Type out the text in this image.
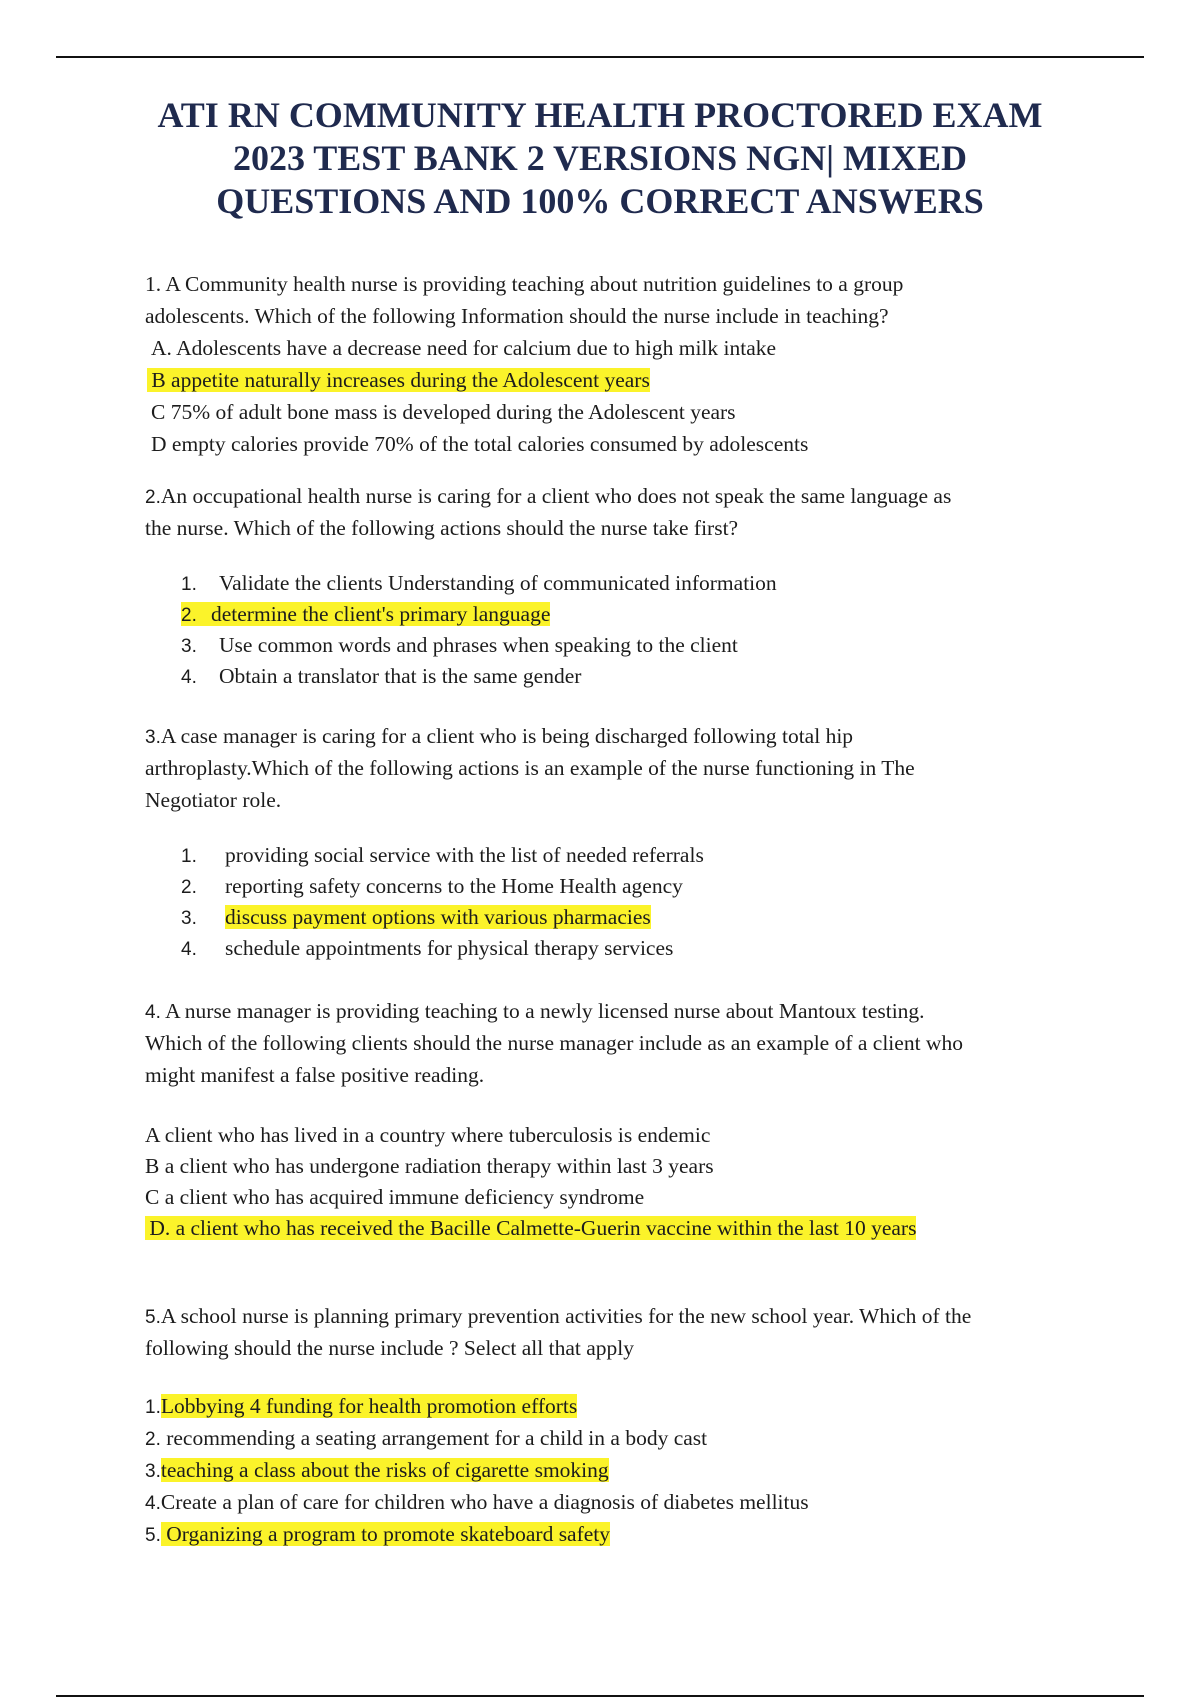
ATI RN COMMUNITY HEALTH PROCTORED EXAM 2023 TEST BANK 2 VERSIONS NGN| MIXED QUESTIONS AND 100% CORRECT ANSWERS
1. A Community health nurse is providing teaching about nutrition guidelines to a group
adolescents. Which of the following Information should the nurse include in teaching?
A. Adolescents have a decrease need for calcium due to high milk intake
 B appetite naturally increases during the Adolescent years
C 75% of adult bone mass is developed during the Adolescent years
D empty calories provide 70% of the total calories consumed by adolescents
2.An occupational health nurse is caring for a client who does not speak the same language as
the nurse. Which of the following actions should the nurse take first?
1. Validate the clients Understanding of communicated information
2. determine the client's primary language
3. Use common words and phrases when speaking to the client
4. Obtain a translator that is the same gender
3.A case manager is caring for a client who is being discharged following total hip
arthroplasty.Which of the following actions is an example of the nurse functioning in The
Negotiator role.
1. providing social service with the list of needed referrals
2. reporting safety concerns to the Home Health agency
3. discuss payment options with various pharmacies
4. schedule appointments for physical therapy services
4. A nurse manager is providing teaching to a newly licensed nurse about Mantoux testing.
Which of the following clients should the nurse manager include as an example of a client who
might manifest a false positive reading.
A client who has lived in a country where tuberculosis is endemic
B a client who has undergone radiation therapy within last 3 years
C a client who has acquired immune deficiency syndrome
 D. a client who has received the Bacille Calmette-Guerin vaccine within the last 10 years
5.A school nurse is planning primary prevention activities for the new school year. Which of the
following should the nurse include ? Select all that apply
1.Lobbying 4 funding for health promotion efforts
2. recommending a seating arrangement for a child in a body cast
3.teaching a class about the risks of cigarette smoking
4.Create a plan of care for children who have a diagnosis of diabetes mellitus
5. Organizing a program to promote skateboard safety
